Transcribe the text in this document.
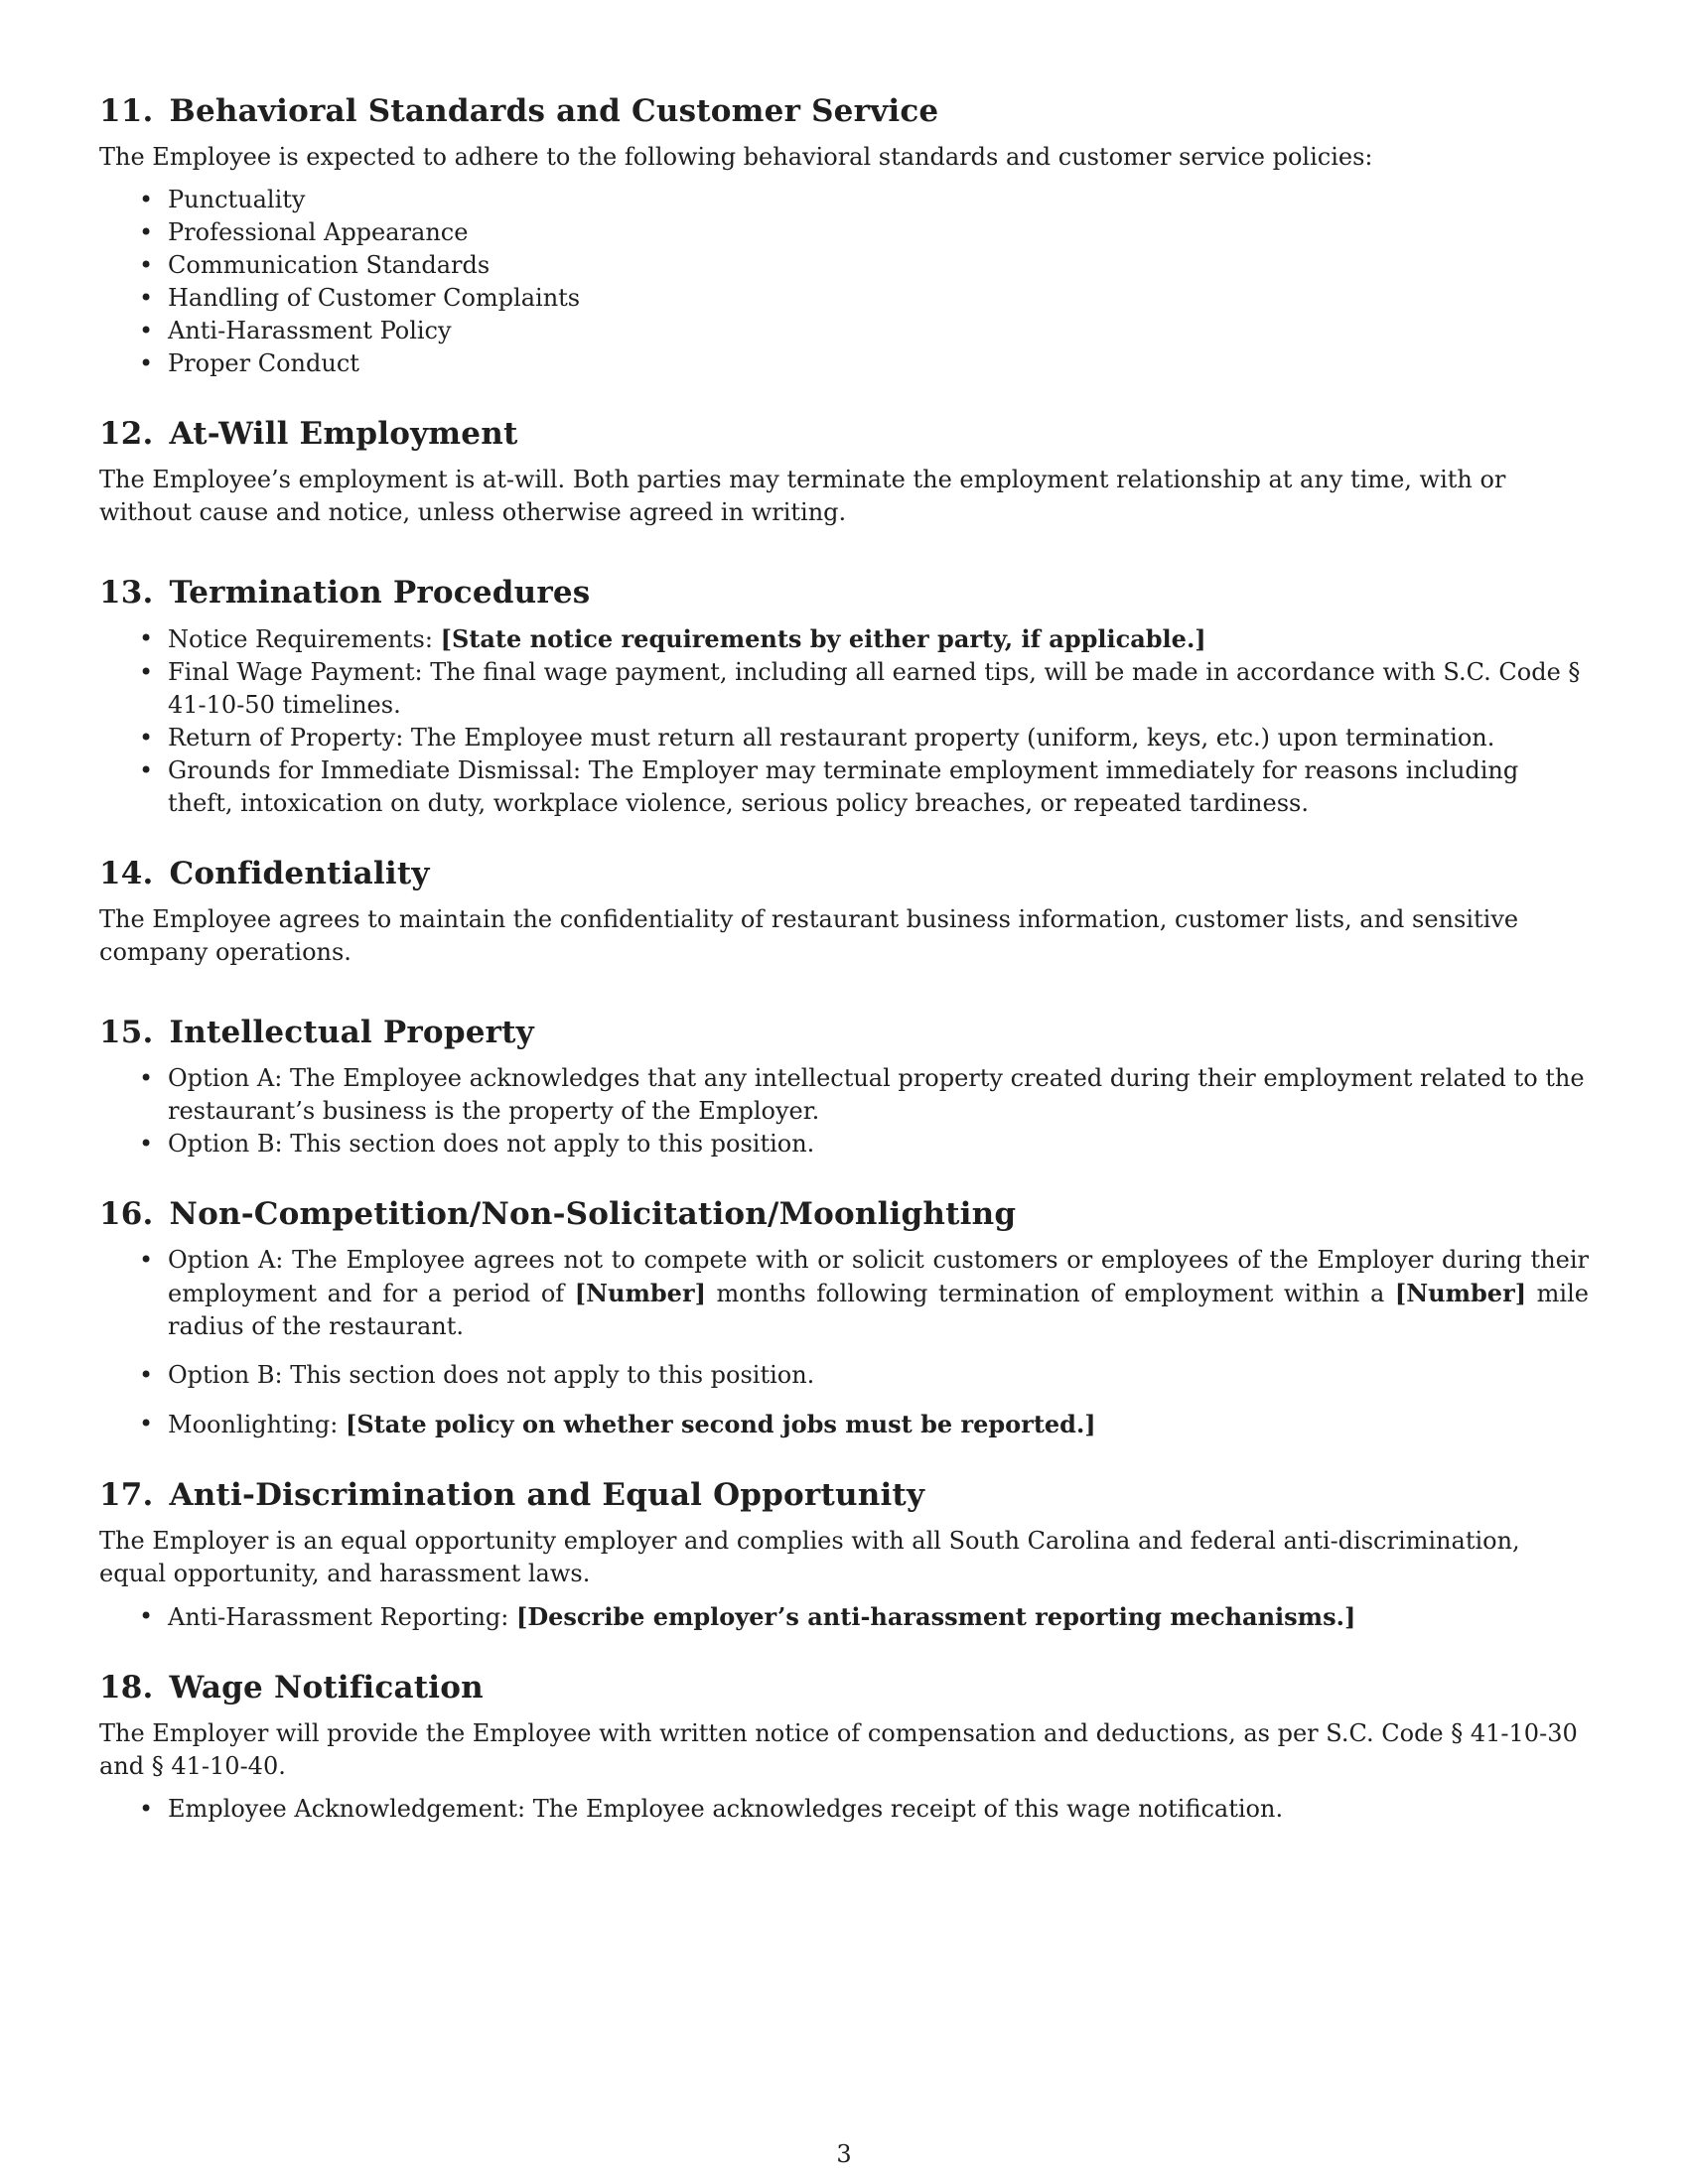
11. Behavioral Standards and Customer Service

The Employee is expected to adhere to the following behavioral standards and customer service policies:

• Punctuality
• Professional Appearance
• Communication Standards
• Handling of Customer Complaints
• Anti-Harassment Policy
• Proper Conduct
12. At-Will Employment

The Employee’s employment is at-will. Both parties may terminate the employment relationship at any time, with or without cause and notice, unless otherwise agreed in writing.

13. Termination Procedures
• Notice Requirements: [State notice requirements by either party, if applicable.]
• Final Wage Payment: The final wage payment, including all earned tips, will be made in accordance with S.C. Code § 41-10-50 timelines.
• Return of Property: The Employee must return all restaurant property (uniform, keys, etc.) upon termination.
• Grounds for Immediate Dismissal: The Employer may terminate employment immediately for reasons including theft, intoxication on duty, workplace violence, serious policy breaches, or repeated tardiness.
14. Confidentiality

The Employee agrees to maintain the confidentiality of restaurant business information, customer lists, and sensitive company operations.

15. Intellectual Property
• Option A: The Employee acknowledges that any intellectual property created during their employment related to the restaurant’s business is the property of the Employer.
• Option B: This section does not apply to this position.
16. Non-Competition/Non-Solicitation/Moonlighting
• Option A: The Employee agrees not to compete with or solicit customers or employees of the Employer during their employment and for a period of [Number] months following termination of employment within a [Number] mile radius of the restaurant.
• Option B: This section does not apply to this position.
• Moonlighting: [State policy on whether second jobs must be reported.]
17. Anti-Discrimination and Equal Opportunity

The Employer is an equal opportunity employer and complies with all South Carolina and federal anti-discrimination, equal opportunity, and harassment laws.

• Anti-Harassment Reporting: [Describe employer’s anti-harassment reporting mechanisms.]
18. Wage Notification

The Employer will provide the Employee with written notice of compensation and deductions, as per S.C. Code § 41-10-30 and § 41-10-40.

• Employee Acknowledgement: The Employee acknowledges receipt of this wage notification.
3
